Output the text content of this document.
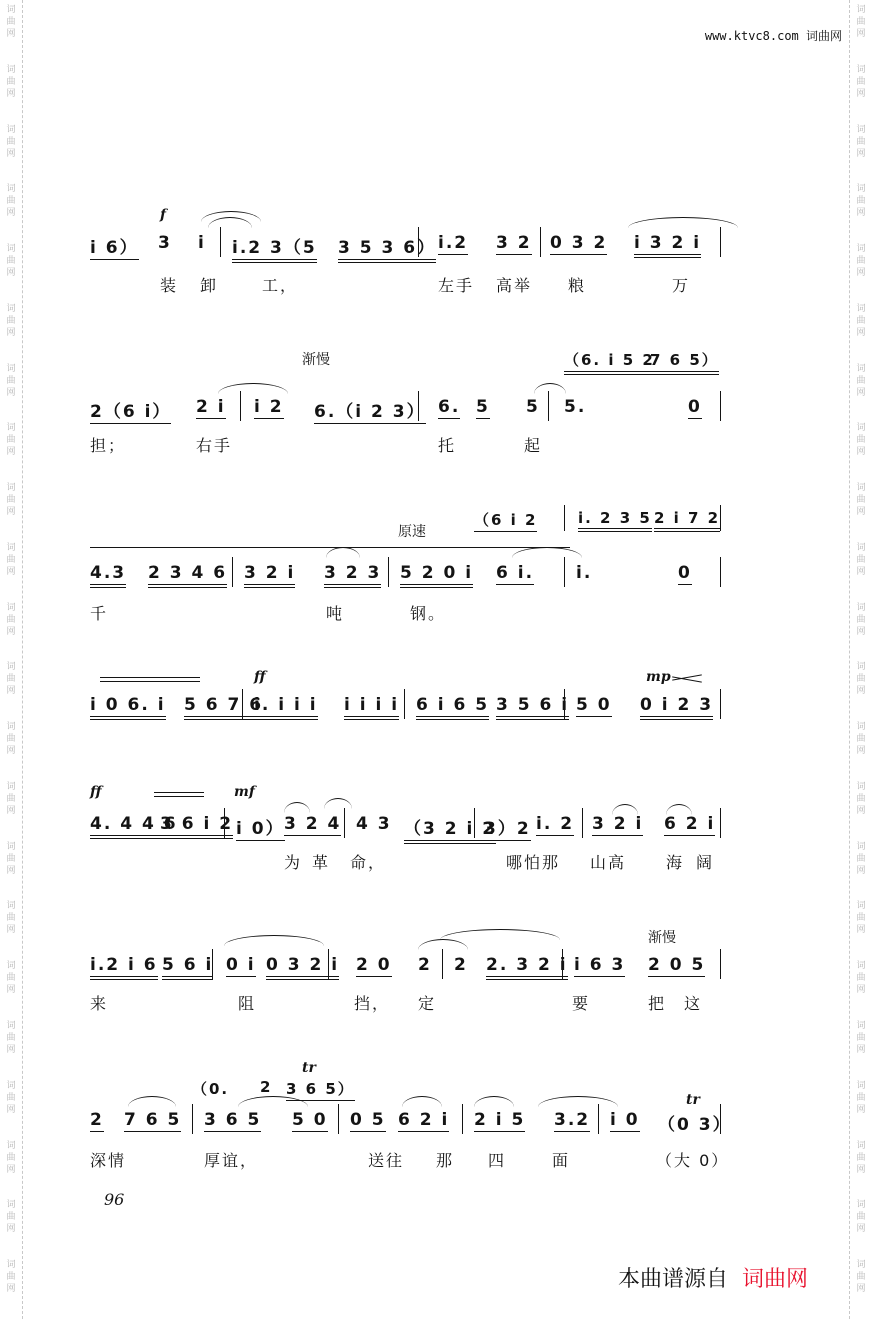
词
曲
网
词
曲
网
词
曲
网
词
曲
网
词
曲
网
词
曲
网
词
曲
网
词
曲
网
词
曲
网
词
曲
网
词
曲
网
词
曲
网
词
曲
网
词
曲
网
词
曲
网
词
曲
网
词
曲
网
词
曲
网
词
曲
网
词
曲
网
词
曲
网
词
曲
网
词
曲
网
词
曲
网
词
曲
网
词
曲
网
词
曲
网
词
曲
网
词
曲
网
词
曲
网
词
曲
网
词
曲
网
词
曲
网
词
曲
网
词
曲
网
词
曲
网
词
曲
网
词
曲
网
词
曲
网
词
曲
网
词
曲
网
词
曲
网
词
曲
网
词
曲
网
www.ktvc8.com 词曲网
f
i 6） 3 i i.2 3（5 3 5 3 6） i.2 3 2 0 3 2 i 3 2 i
装 卸	工，	左手 高举 粮	万
渐慢	（6. i 5 2
7 6 5）
2（6 i） 2 i i 2 6.（i 2 3） 6. 5 5 5.	0
担；	右手	托	起
原速
（6 i 2	i. 2 3 5 2 i 7 2
4.3 2 3 4 6 3 2 i 3 2 3 5 2 0 i 6 i. i.	0
千	吨	钢。
ff	mp
i 0 6. i 5 6 7 6
i. i i i i i i i 6 i 6 5 3 5 6 i 5 0 0 i 2 3
ff	mf
4. 4 4 6
3 6 i 2 i 0） 3 2 4 4 3 （3 2 i 2
3）2 i. 2 3 2 i 6 2 i
为 革 命，	哪怕那 山高 海 阔
渐慢
i.2 i 6 5 6 i 0 i 0 3 2 i 2 0 2 2 2. 3 2 i i 6 3 2 0 5
来	阻	挡， 定	要	把 这
tr
（0. 2 3 6 5）
tr
2 7 6 5 3 6 5 5 0 0 5 6 2 i 2 i 5 3.2 i 0 （0 3）
深情	厚谊，	送往 那 四	面	（大 0）
96
本曲谱源自 词曲网
